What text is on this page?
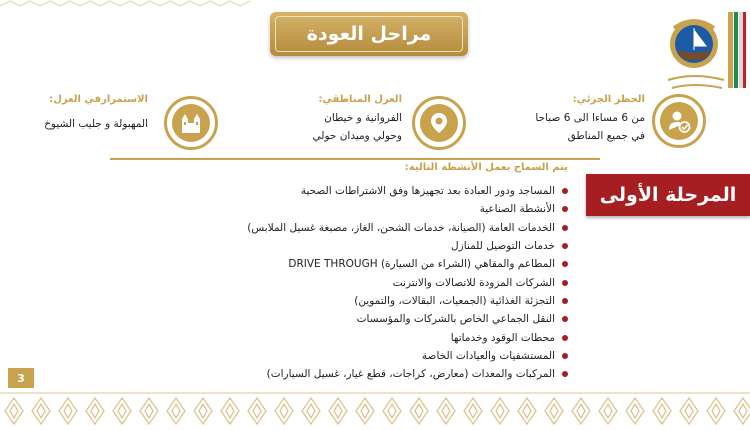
مراحل العودة
الحظر الجزئي:
من 6 مساءا الى 6 صباحا
في جميع المناطق
العزل المناطقي:
الفروانية و خيطان
وحولي وميدان حولي
الاستمرارفي العزل:
المهبولة و جليب الشيوخ
المرحلة الأولى
يتم السماح بعمل الأنشطة التالية:
المساجد ودور العبادة بعد تجهيزها وفق الاشتراطات الصحية
الأنشطة الصناعية
الخدمات العامة (الصيانة، خدمات الشحن، الغاز، مصبغة غسيل الملابس)
خدمات التوصيل للمنازل
المطاعم والمقاهي (الشراء من السيارة) DRIVE THROUGH
الشركات المزودة للاتصالات والانترنت
التجزئة الغذائية (الجمعيات، البقالات، والتموين)
النقل الجماعي الخاص بالشركات والمؤسسات
محطات الوقود وخدماتها
المستشفيات والعيادات الخاصة
المركبات والمعدات (معارض، كراجات، قطع غيار، غسيل السيارات)
3
